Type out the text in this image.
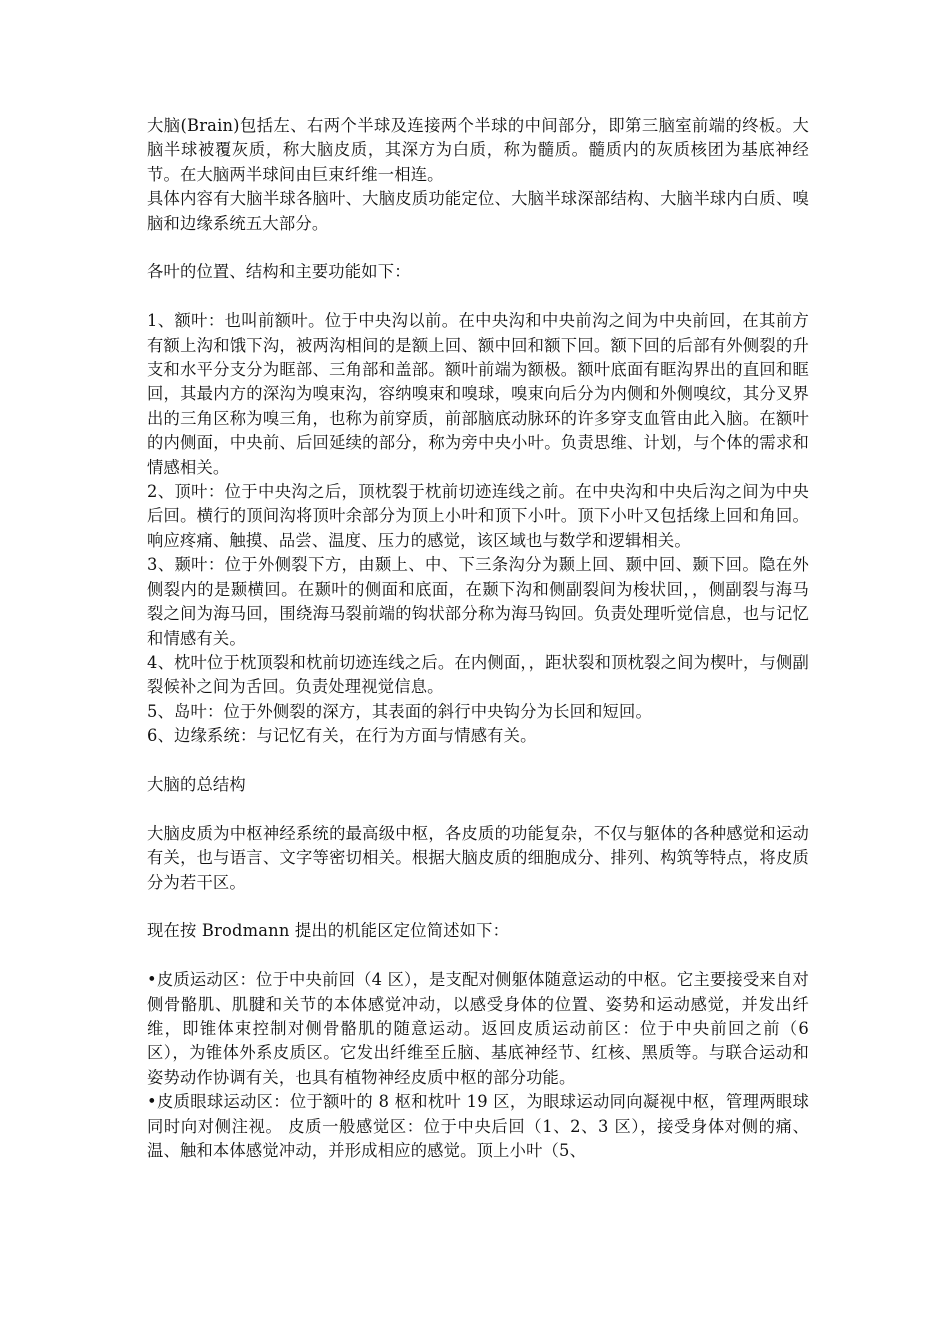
大脑(Brain)包括左、右两个半球及连接两个半球的中间部分，即第三脑室前端的终板。大脑半球被覆灰质，称大脑皮质，其深方为白质，称为髓质。髓质内的灰质核团为基底神经节。在大脑两半球间由巨束纤维一相连。

具体内容有大脑半球各脑叶、大脑皮质功能定位、大脑半球深部结构、大脑半球内白质、嗅脑和边缘系统五大部分。

各叶的位置、结构和主要功能如下：

1、额叶：也叫前额叶。位于中央沟以前。在中央沟和中央前沟之间为中央前回，在其前方有额上沟和饿下沟，被两沟相间的是额上回、额中回和额下回。额下回的后部有外侧裂的升支和水平分支分为眶部、三角部和盖部。额叶前端为额极。额叶底面有眶沟界出的直回和眶回，其最内方的深沟为嗅束沟，容纳嗅束和嗅球，嗅束向后分为内侧和外侧嗅纹，其分叉界出的三角区称为嗅三角，也称为前穿质，前部脑底动脉环的许多穿支血管由此入脑。在额叶的内侧面，中央前、后回延续的部分，称为旁中央小叶。负责思维、计划，与个体的需求和情感相关。

2、顶叶：位于中央沟之后，顶枕裂于枕前切迹连线之前。在中央沟和中央后沟之间为中央后回。横行的顶间沟将顶叶余部分为顶上小叶和顶下小叶。顶下小叶又包括缘上回和角回。响应疼痛、触摸、品尝、温度、压力的感觉，该区域也与数学和逻辑相关。

3、颞叶：位于外侧裂下方，由颞上、中、下三条沟分为颞上回、颞中回、颞下回。隐在外侧裂内的是颞横回。在颞叶的侧面和底面，在颞下沟和侧副裂间为梭状回，，侧副裂与海马裂之间为海马回，围绕海马裂前端的钩状部分称为海马钩回。负责处理听觉信息，也与记忆和情感有关。

4、枕叶位于枕顶裂和枕前切迹连线之后。在内侧面，，距状裂和顶枕裂之间为楔叶，与侧副裂候补之间为舌回。负责处理视觉信息。

5、岛叶：位于外侧裂的深方，其表面的斜行中央钩分为长回和短回。

6、边缘系统：与记忆有关，在行为方面与情感有关。

大脑的总结构

大脑皮质为中枢神经系统的最高级中枢，各皮质的功能复杂，不仅与躯体的各种感觉和运动有关，也与语言、文字等密切相关。根据大脑皮质的细胞成分、排列、构筑等特点，将皮质分为若干区。

现在按 Brodmann 提出的机能区定位简述如下：

•皮质运动区：位于中央前回（4 区），是支配对侧躯体随意运动的中枢。它主要接受来自对侧骨骼肌、肌腱和关节的本体感觉冲动，以感受身体的位置、姿势和运动感觉，并发出纤维，即锥体束控制对侧骨骼肌的随意运动。返回皮质运动前区：位于中央前回之前（6 区），为锥体外系皮质区。它发出纤维至丘脑、基底神经节、红核、黑质等。与联合运动和姿势动作协调有关，也具有植物神经皮质中枢的部分功能。

•皮质眼球运动区：位于额叶的 8 枢和枕叶 19 区，为眼球运动同向凝视中枢，管理两眼球同时向对侧注视。 皮质一般感觉区：位于中央后回（1、2、3 区），接受身体对侧的痛、温、触和本体感觉冲动，并形成相应的感觉。顶上小叶（5、
